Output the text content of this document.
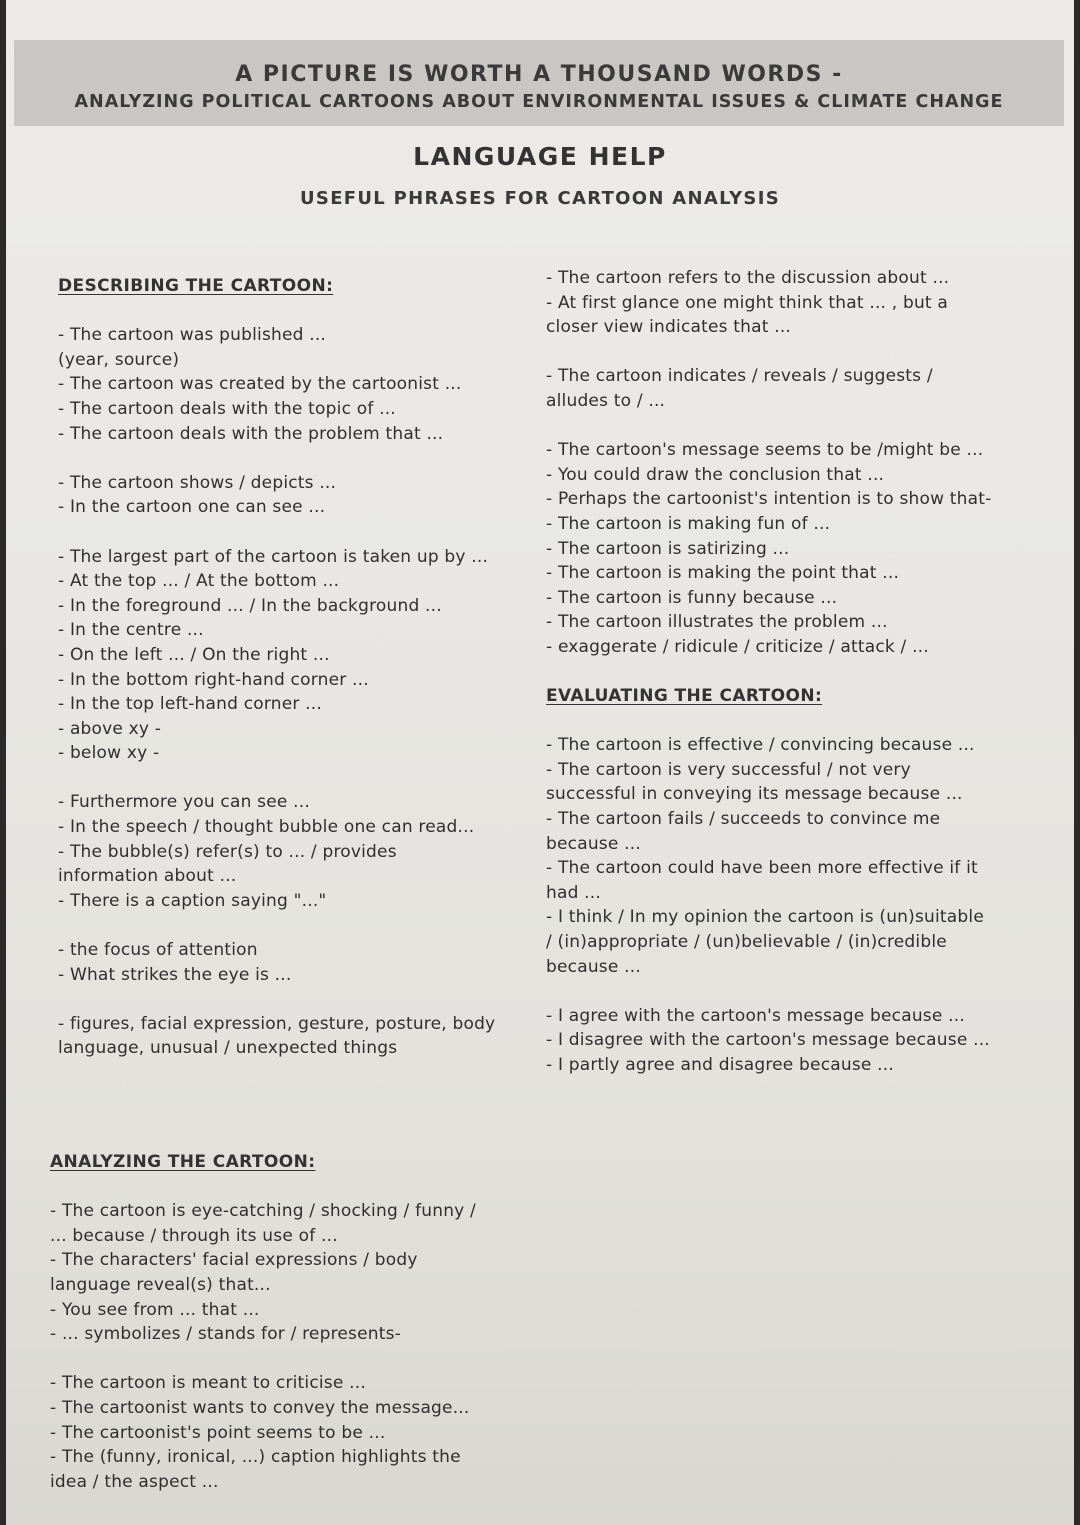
A PICTURE IS WORTH A THOUSAND WORDS -
ANALYZING POLITICAL CARTOONS ABOUT ENVIRONMENTAL ISSUES & CLIMATE CHANGE
LANGUAGE HELP
USEFUL PHRASES FOR CARTOON ANALYSIS
DESCRIBING THE CARTOON:
- The cartoon was published ...
(year, source)
- The cartoon was created by the cartoonist ...
- The cartoon deals with the topic of ...
- The cartoon deals with the problem that ...
- The cartoon shows / depicts ...
- In the cartoon one can see ...
- The largest part of the cartoon is taken up by ...
- At the top ... / At the bottom ...
- In the foreground ... / In the background ...
- In the centre ...
- On the left ... / On the right ...
- In the bottom right-hand corner ...
- In the top left-hand corner ...
- above xy -
- below xy -
- Furthermore you can see ...
- In the speech / thought bubble one can read...
- The bubble(s) refer(s) to ... / provides
information about ...
- There is a caption saying "..."
- the focus of attention
- What strikes the eye is ...
- figures, facial expression, gesture, posture, body
language, unusual / unexpected things
- The cartoon refers to the discussion about ...
- At first glance one might think that ... , but a
closer view indicates that ...
- The cartoon indicates / reveals / suggests /
alludes to / ...
- The cartoon's message seems to be /might be ...
- You could draw the conclusion that ...
- Perhaps the cartoonist's intention is to show that-
- The cartoon is making fun of ...
- The cartoon is satirizing ...
- The cartoon is making the point that ...
- The cartoon is funny because ...
- The cartoon illustrates the problem ...
- exaggerate / ridicule / criticize / attack / ...
EVALUATING THE CARTOON:
- The cartoon is effective / convincing because ...
- The cartoon is very successful / not very
successful in conveying its message because ...
- The cartoon fails / succeeds to convince me
because ...
- The cartoon could have been more effective if it
had ...
- I think / In my opinion the cartoon is (un)suitable
/ (in)appropriate / (un)believable / (in)credible
because ...
- I agree with the cartoon's message because ...
- I disagree with the cartoon's message because ...
- I partly agree and disagree because ...
ANALYZING THE CARTOON:
- The cartoon is eye-catching / shocking / funny /
... because / through its use of ...
- The characters' facial expressions / body
language reveal(s) that...
- You see from ... that ...
- ... symbolizes / stands for / represents-
- The cartoon is meant to criticise ...
- The cartoonist wants to convey the message...
- The cartoonist's point seems to be ...
- The (funny, ironical, ...) caption highlights the
idea / the aspect ...
